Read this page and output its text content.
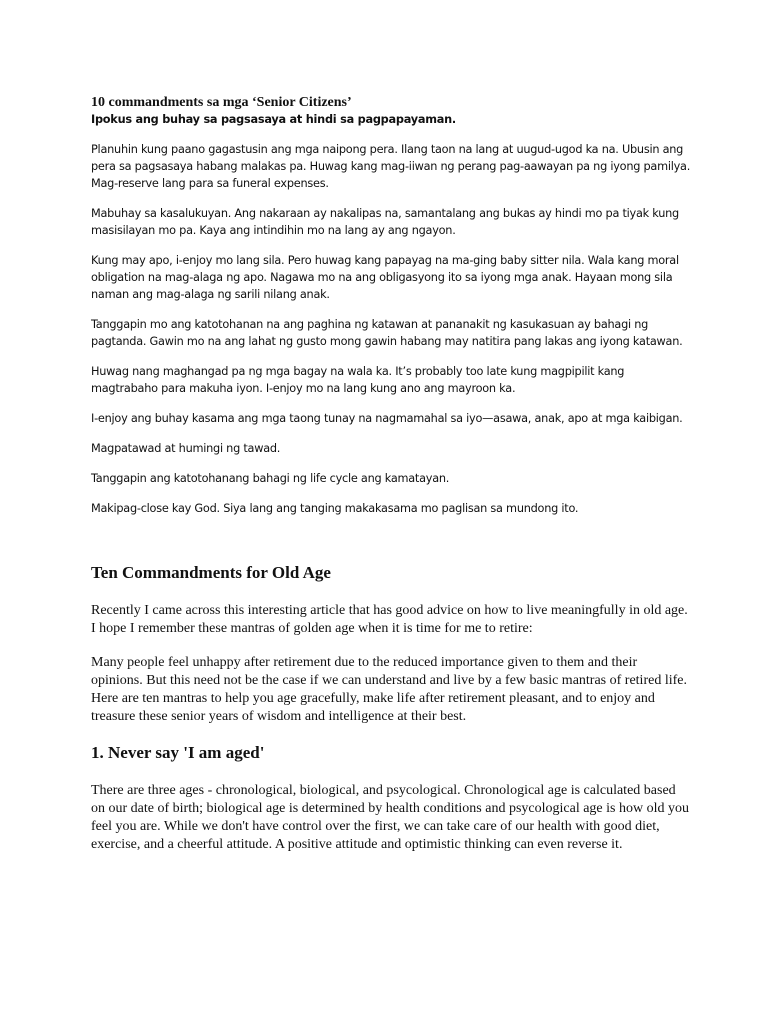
10 commandments sa mga ‘Senior Citizens’

Ipokus ang buhay sa pagsasaya at hindi sa pagpapayaman.

Planuhin kung paano gagastusin ang mga naipong pera. Ilang taon na lang at uugud-ugod ka na. Ubusin ang pera sa pagsasaya habang malakas pa. Huwag kang mag-iiwan ng perang pag-aawayan pa ng iyong pamilya. Mag-reserve lang para sa funeral expenses.

Mabuhay sa kasalukuyan. Ang nakaraan ay nakalipas na, samantalang ang bukas ay hindi mo pa tiyak kung masisilayan mo pa. Kaya ang intindihin mo na lang ay ang ngayon.

Kung may apo, i-enjoy mo lang sila. Pero huwag kang papayag na ma-ging baby sitter nila. Wala kang moral obligation na mag-alaga ng apo. Nagawa mo na ang obligasyong ito sa iyong mga anak. Hayaan mong sila naman ang mag-alaga ng sarili nilang anak.

Tanggapin mo ang katotohanan na ang paghina ng katawan at pananakit ng kasukasuan ay bahagi ng pagtanda. Gawin mo na ang lahat ng gusto mong gawin habang may natitira pang lakas ang iyong katawan.

Huwag nang maghangad pa ng mga bagay na wala ka. It’s probably too late kung magpipilit kang magtrabaho para makuha iyon. I-enjoy mo na lang kung ano ang mayroon ka.

I-enjoy ang buhay kasama ang mga taong tunay na nagmamahal sa iyo—asawa, anak, apo at mga kaibigan.

Magpatawad at humingi ng tawad.

Tanggapin ang katotohanang bahagi ng life cycle ang kamatayan.

Makipag-close kay God. Siya lang ang tanging makakasama mo paglisan sa mundong ito.

Ten Commandments for Old Age

Recently I came across this interesting article that has good advice on how to live meaningfully in old age. I hope I remember these mantras of golden age when it is time for me to retire:

Many people feel unhappy after retirement due to the reduced importance given to them and their opinions. But this need not be the case if we can understand and live by a few basic mantras of retired life. Here are ten mantras to help you age gracefully, make life after retirement pleasant, and to enjoy and treasure these senior years of wisdom and intelligence at their best.

1. Never say 'I am aged'

There are three ages - chronological, biological, and psycological. Chronological age is calculated based on our date of birth; biological age is determined by health conditions and psycological age is how old you feel you are. While we don't have control over the first, we can take care of our health with good diet, exercise, and a cheerful attitude. A positive attitude and optimistic thinking can even reverse it.
